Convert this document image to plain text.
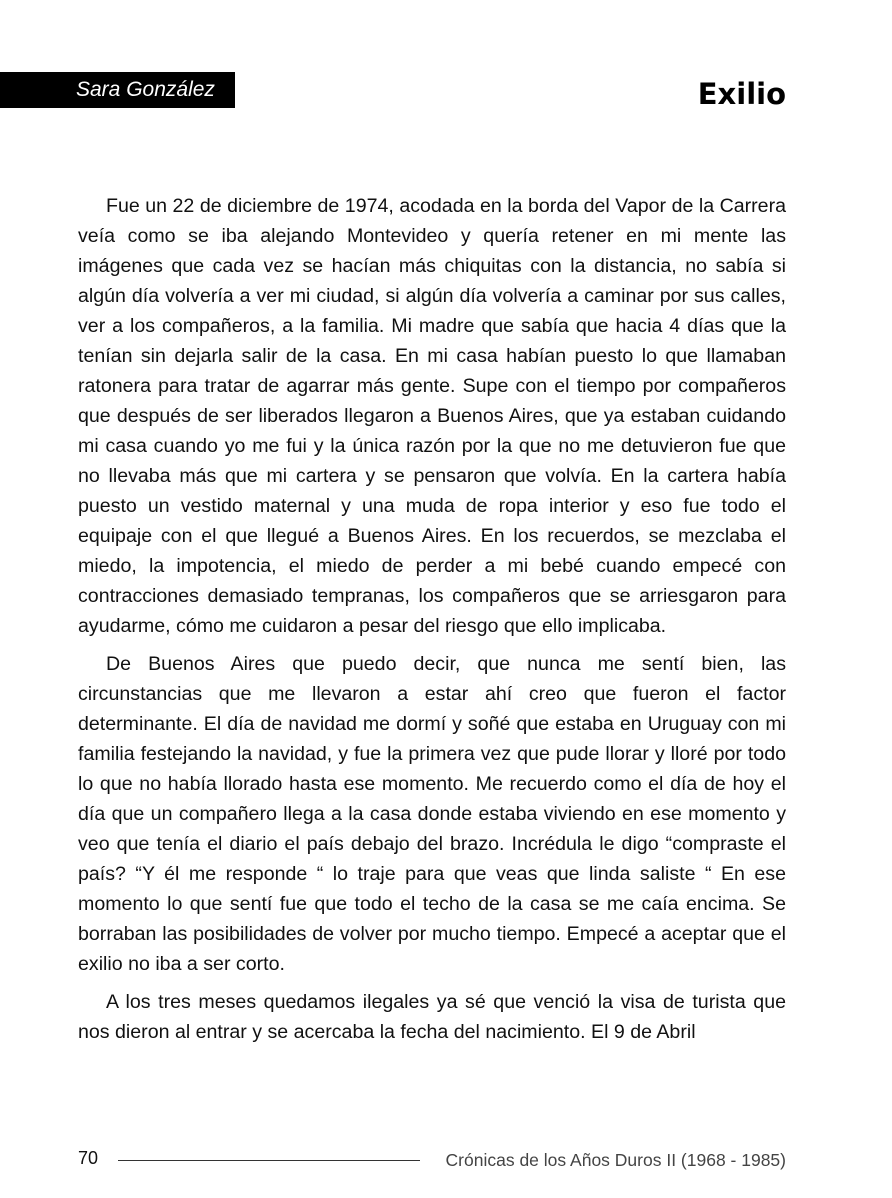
Sara González	Exilio

Fue un 22 de diciembre de 1974, acodada en la borda del Vapor de la Carrera veía como se iba alejando Montevideo y quería retener en mi mente las imágenes que cada vez se hacían más chiquitas con la distancia, no sabía si algún día volvería a ver mi ciudad, si algún día volvería a caminar por sus calles, ver a los compañeros, a la familia. Mi madre que sabía que hacia 4 días que la tenían sin dejarla salir de la casa. En mi casa habían puesto lo que llamaban ratonera para tratar de agarrar más gente. Supe con el tiempo por compañeros que después de ser liberados llegaron a Buenos Aires, que ya estaban cuidando mi casa cuando yo me fui y la única razón por la que no me detuvieron fue que no llevaba más que mi cartera y se pensaron que volvía. En la cartera había puesto un vestido maternal y una muda de ropa interior y eso fue todo el equipaje con el que llegué a Buenos Aires. En los recuerdos, se mezclaba el miedo, la impotencia, el miedo de perder a mi bebé cuando empecé con contracciones demasiado tempranas, los compañeros que se arriesgaron para ayudarme, cómo me cuidaron a pesar del riesgo que ello implicaba.

De Buenos Aires que puedo decir, que nunca me sentí bien, las circunstancias que me llevaron a estar ahí creo que fueron el factor determinante. El día de navidad me dormí y soñé que estaba en Uruguay con mi familia festejando la navidad, y fue la primera vez que pude llorar y lloré por todo lo que no había llorado hasta ese momento. Me recuerdo como el día de hoy el día que un compañero llega a la casa donde estaba viviendo en ese momento y veo que tenía el diario el país debajo del brazo. Incrédula le digo “compraste el país? “Y él me responde “ lo traje para que veas que linda saliste “ En ese momento lo que sentí fue que todo el techo de la casa se me caía encima. Se borraban las posibilidades de volver por mucho tiempo. Empecé a aceptar que el exilio no iba a ser corto.

A los tres meses quedamos ilegales ya sé que venció la visa de turista que nos dieron al entrar y se acercaba la fecha del nacimiento. El 9 de Abril

70	Crónicas de los Años Duros II (1968 - 1985)
